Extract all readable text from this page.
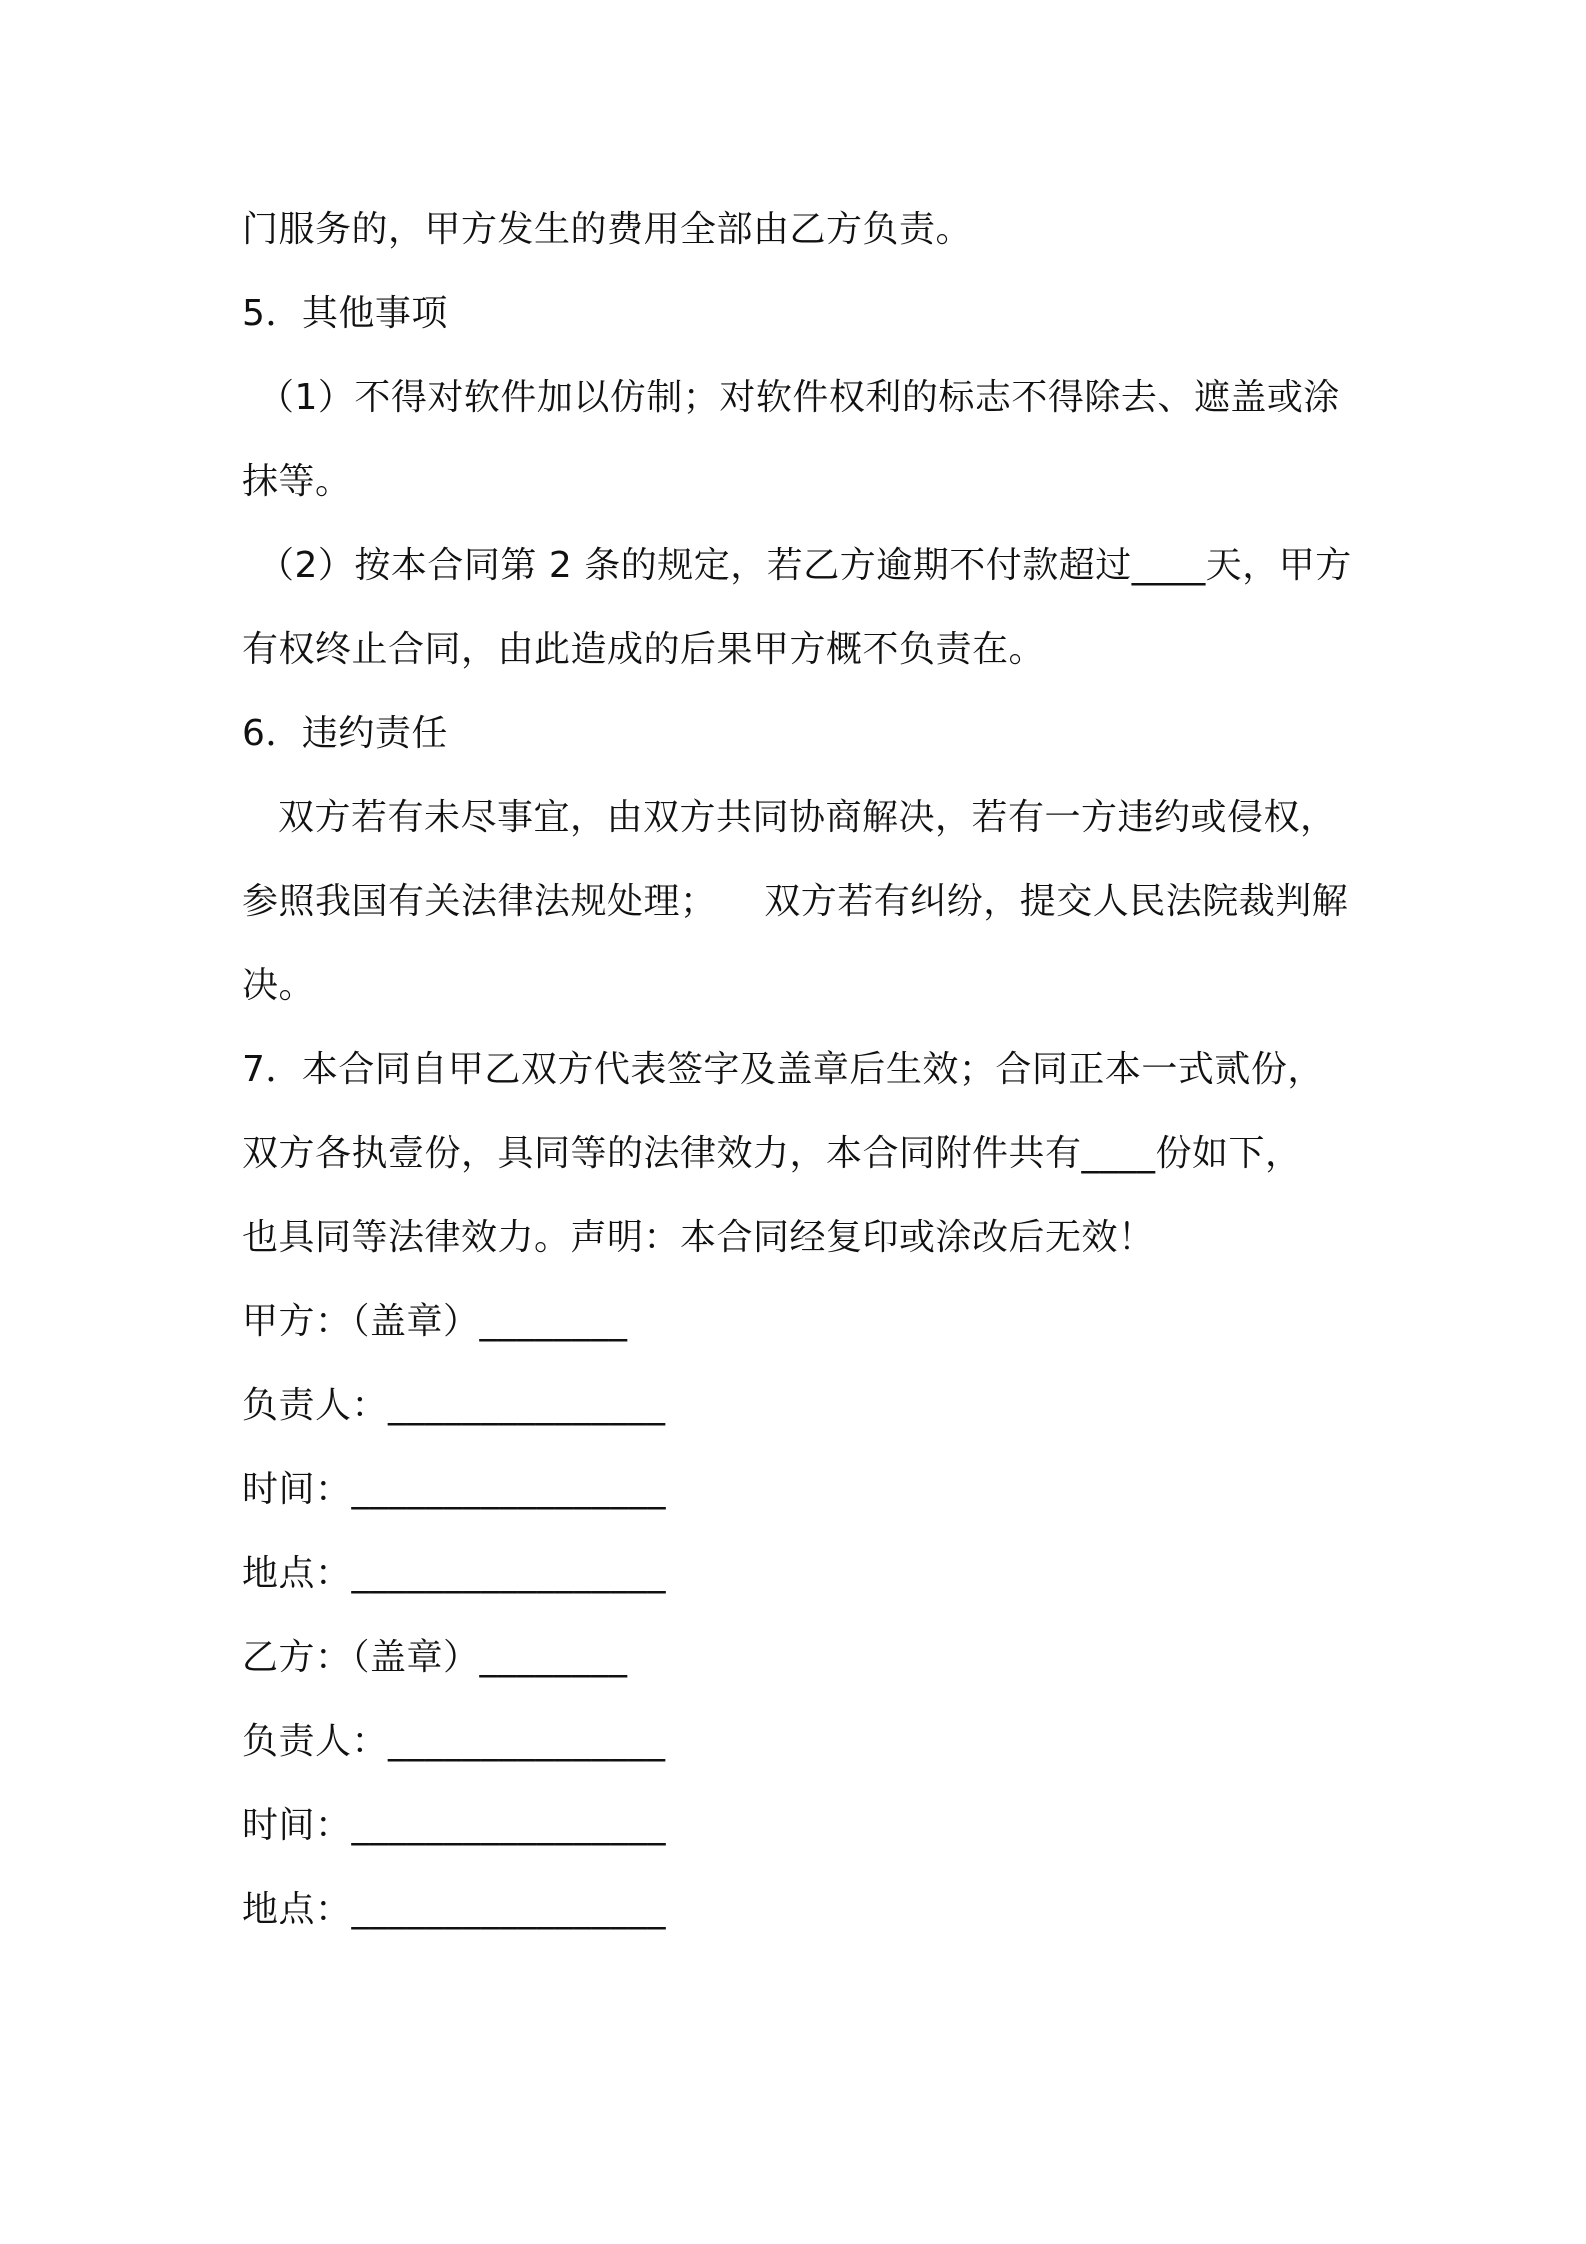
门服务的，甲方发生的费用全部由乙方负责。
5．其他事项
（1）不得对软件加以仿制；对软件权利的标志不得除去、遮盖或涂
抹等。
（2）按本合同第 2 条的规定，若乙方逾期不付款超过____天，甲方
有权终止合同，由此造成的后果甲方概不负责在。
6．违约责任
双方若有未尽事宜，由双方共同协商解决，若有一方违约或侵权，
参照我国有关法律法规处理；    双方若有纠纷，提交人民法院裁判解
决。
7．本合同自甲乙双方代表签字及盖章后生效；合同正本一式贰份，
双方各执壹份，具同等的法律效力，本合同附件共有____份如下，
也具同等法律效力。声明：本合同经复印或涂改后无效！
甲方：（盖章）________
负责人：_______________
时间：_________________
地点：_________________
乙方：（盖章）________
负责人：_______________
时间：_________________
地点：_________________
